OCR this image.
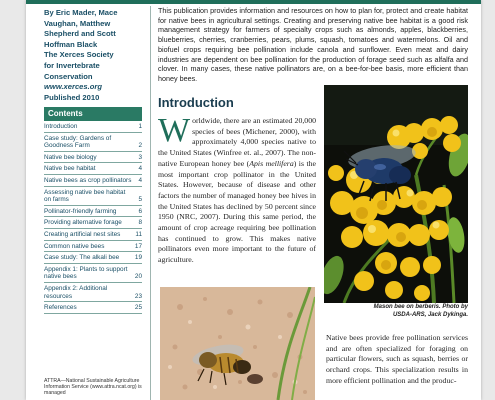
By Eric Mader, Mace
Vaughan, Matthew
Shepherd and Scott
Hoffman Black
The Xerces Society
for Invertebrate
Conservation
www.xerces.org
Published 2010
Contents
Introduction	1
Case study: Gardens of Goodness Farm	2
Native bee biology	3
Native bee habitat	4
Native bees as crop pollinators 4
Assessing native bee habitat on farms	5
Pollinator-friendly farming	6
Providing alternative forage	8
Creating artificial nest sites 11
Common native bees	17
Case study: The alkali bee 19
Appendix 1: Plants to support native bees	20
Appendix 2: Additional resources	23
References	25
ATTRA—National Sustainable Agriculture Information Service (www.attra.ncat.org) is managed
This publication provides information and resources on how to plan for, protect and create habitat for native bees in agricultural settings. Creating and preserving native bee habitat is a good risk management strategy for farmers of specialty crops such as almonds, apples, blackberries, blueberries, cherries, cranberries, pears, plums, squash, tomatoes and watermelons. Oil and biofuel crops requiring bee pollination include canola and sunflower. Even meat and dairy industries are dependent on bee pollination for the production of forage seed such as alfalfa and clover. In many cases, these native pollinators are, on a bee-for-bee basis, more efficient than honey bees.
Introduction
Worldwide, there are an estimated 20,000 species of bees (Michener, 2000), with approximately 4,000 species native to the United States (Winfree et. al., 2007). The non-native European honey bee (Apis mellifera) is the most important crop pollinator in the United States. However, because of disease and other factors the number of managed honey bee hives in the United States has declined by 50 percent since 1950 (NRC, 2007). During this same period, the amount of crop acreage requiring bee pollination has continued to grow. This makes native pollinators even more important to the future of agriculture.
Mason bee on berberis. Photo by
USDA-ARS, Jack Dykinga.
Native bees provide free pollination services and are often specialized for foraging on particular flowers, such as squash, berries or orchard crops. This specialization results in more efficient pollination and the produc-
